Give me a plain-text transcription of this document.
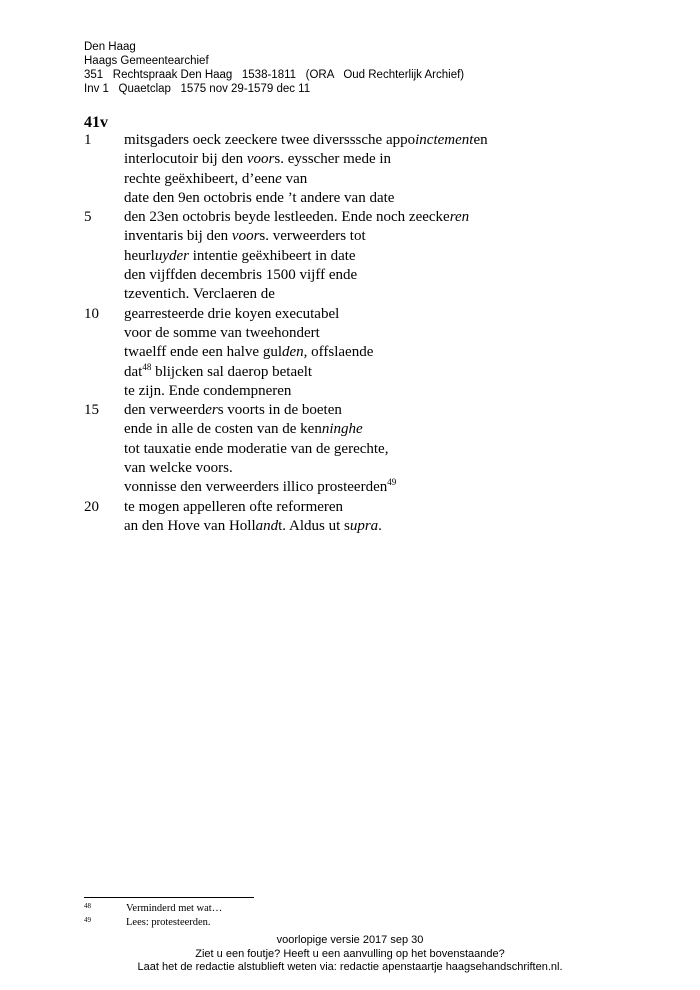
Den Haag
Haags Gemeentearchief
351   Rechtspraak Den Haag   1538-1811   (ORA   Oud Rechterlijk Archief)
Inv 1   Quaetclap   1575 nov 29-1579 dec 11
41v
1	mitsgaders oeck zeeckere twee diversssche appoinctementen
interlocutoir bij den voors. eysscher mede in
rechte geëxhibeert, d’eene van
date den 9en octobris ende ’t andere van date
5	den 23en octobris beyde lestleeden. Ende noch zeeckeren
inventaris bij den voors. verweerders tot
heurluyder intentie geëxhibeert in date
den vijffden decembris 1500 vijff ende
tzeventich. Verclaeren de
10	gearresteerde drie koyen executabel
voor de somme van tweehondert
twaelff ende een halve gulden, offslaende
dat$^{48}$ blijcken sal daerop betaelt
te zijn. Ende condempneren
15	den verweerders voorts in de boeten
ende in alle de costen van de kenninghe
tot tauxatie ende moderatie van de gerechte,
van welcke voors.
vonnisse den verweerders illico prosteerden$^{49}$
20	te mogen appelleren ofte reformeren
an den Hove van Hollandt. Aldus ut supra.
48	Verminderd met wat…
49	Lees: protesteerden.
voorlopige versie 2017 sep 30
Ziet u een foutje? Heeft u een aanvulling op het bovenstaande?
Laat het de redactie alstublieft weten via: redactie apenstaartje haagsehandschriften.nl.
